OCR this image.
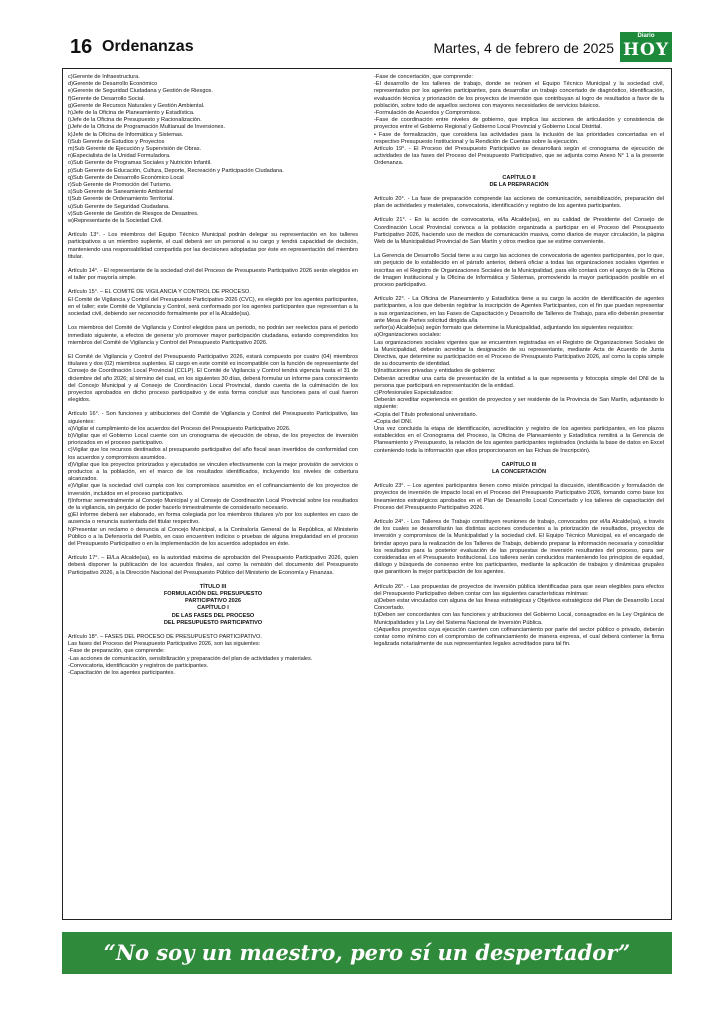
16 Ordenanzas	Martes, 4 de febrero de 2025
Diario
HOY

c)Gerente de Infraestructura.

d)Gerente de Desarrollo Económico

e)Gerente de Seguridad Ciudadana y Gestión de Riesgos.

f)Gerente de Desarrollo Social.

g)Gerente de Recursos Naturales y Gestión Ambiental.

h)Jefe de la Oficina de Planeamiento y Estadística.

i)Jefe de la Oficina de Presupuesto y Racionalización.

j)Jefe de la Oficina de Programación Multianual de Inversiones.

k)Jefe de la Oficina de Informática y Sistemas.

l)Sub Gerente de Estudios y Proyectos

m)Sub Gerente de Ejecución y Supervisión de Obras.

n)Especialista de la Unidad Formuladora.

o)Sub Gerente de Programas Sociales y Nutrición Infantil.

p)Sub Gerente de Educación, Cultura, Deporte, Recreación y Participación Ciudadana.

q)Sub Gerente de Desarrollo Económico Local

r)Sub Gerente de Promoción del Turismo.

s)Sub Gerente de Saneamiento Ambiental

t)Sub Gerente de Ordenamiento Territorial.

u)Sub Gerente de Seguridad Ciudadana.

v)Sub Gerente de Gestión de Riesgos de Desastres.

w)Representante de la Sociedad Civil.

Artículo 13°. - Los miembros del Equipo Técnico Municipal podrán delegar su representación en los talleres participativos a un miembro suplente, el cual deberá ser un personal a su cargo y tendrá capacidad de decisión, manteniendo una responsabilidad compartida por las decisiones adoptadas por éste en representación del miembro titular.

Artículo 14°. - El representante de la sociedad civil del Proceso de Presupuesto Participativo 2026 serán elegidos en el taller por mayoría simple.

Artículo 15°. – EL COMITÉ DE VIGILANCIA Y CONTROL DE PROCESO.

El Comité de Vigilancia y Control del Presupuesto Participativo 2026 (CVC), es elegido por los agentes participantes, en el taller; este Comité de Vigilancia y Control, será conformado por los agentes participantes que representan a la sociedad civil, debiendo ser reconocido formalmente por el la Alcalde(sa).

Los miembros del Comité de Vigilancia y Control elegidos para un periodo, no podrán ser reelectos para el periodo inmediato siguiente, a efectos de generar y/o promover mayor participación ciudadana, estando comprendidos los miembros del Comité de Vigilancia y Control del Presupuesto Participativo 2026.

El Comité de Vigilancia y Control del Presupuesto Participativo 2026, estará compuesto por cuatro (04) miembros titulares y dos (02) miembros suplentes. El cargo en este comité es incompatible con la función de representante del Consejo de Coordinación Local Provincial (CCLP). El Comité de Vigilancia y Control tendrá vigencia hasta el 31 de diciembre del año 2026; al término del cual, en los siguientes 30 días, deberá formular un informe para conocimiento del Concejo Municipal y al Consejo de Coordinación Local Provincial, dando cuenta de la culminación de los proyectos aprobados en dicho proceso participativo y de esta forma concluir sus funciones para el cual fueron elegidos.

Artículo 16°. - Son funciones y atribuciones del Comité de Vigilancia y Control del Presupuesto Participativo, las siguientes:

a)Vigilar el cumplimiento de los acuerdos del Proceso del Presupuesto Participativo 2026.

b)Vigilar que el Gobierno Local cuente con un cronograma de ejecución de obras, de los proyectos de inversión priorizados en el proceso participativo.

c)Vigilar que los recursos destinados al presupuesto participativo del año fiscal sean invertidos de conformidad con los acuerdos y compromisos asumidos.

d)Vigilar que los proyectos priorizados y ejecutados se vinculen efectivamente con la mejor provisión de servicios o productos a la población, en el marco de los resultados identificados, incluyendo los niveles de cobertura alcanzados.

e)Vigilar que la sociedad civil cumpla con los compromisos asumidos en el cofinanciamiento de los proyectos de inversión, incluidos en el proceso participativo.

f)Informar semestralmente al Concejo Municipal y al Consejo de Coordinación Local Provincial sobre los resultados de la vigilancia, sin perjuicio de poder hacerlo trimestralmente de considerarlo necesario.

g)El informe deberá ser elaborado, en forma colegiada por los miembros titulares y/o por los suplentes en caso de ausencia o renuncia sustentada del titular respectivo.

h)Presentar un reclamo o denuncia al Concejo Municipal, a la Contraloría General de la República, al Ministerio Público o a la Defensoría del Pueblo, en caso encuentren indicios o pruebas de alguna irregularidad en el proceso del Presupuesto Participativo o en la implementación de los acuerdos adoptados en éste.

Artículo 17°. – El/La Alcalde(sa), es la autoridad máxima de aprobación del Presupuesto Participativo 2026, quien deberá disponer la publicación de los acuerdos finales, así como la remisión del documento del Presupuesto Participativo 2026, a la Dirección Nacional del Presupuesto Público del Ministerio de Economía y Finanzas.

TÍTULO III

FORMULACIÓN DEL PRESUPUESTO

PARTICIPATIVO 2026

CAPÍTULO I

DE LAS FASES DEL PROCESO

DEL PRESUPUESTO PARTICIPATIVO

Artículo 18°. – FASES DEL PROCESO DE PRESUPUESTO PARTICIPATIVO.

Las fases del Proceso del Presupuesto Participativo 2026, son las siguientes:

-Fase de preparación, que comprende:

-Las acciones de comunicación, sensibilización y preparación del plan de actividades y materiales.

-Convocatoria, identificación y registros de participantes.

-Capacitación de los agentes participantes.

-Fase de concertación, que comprende:

-El desarrollo de los talleres de trabajo, donde se reúnen el Equipo Técnico Municipal y la sociedad civil, representados por los agentes participantes, para desarrollar un trabajo concertado de diagnóstico, identificación, evaluación técnica y priorización de los proyectos de inversión que contribuyan al logro de resultados a favor de la población, sobre todo de aquellos sectores con mayores necesidades de servicios básicos.

-Formulación de Acuerdos y Compromisos.

-Fase de coordinación entre niveles de gobierno, que implica las acciones de articulación y consistencia de proyectos entre el Gobierno Regional y Gobierno Local Provincial y Gobierno Local Distrital.

• Fase de formalización, que considera las actividades para la inclusión de las prioridades concertadas en el respectivo Presupuesto Institucional y la Rendición de Cuentas sobre la ejecución.

Artículo 19°. - El Proceso del Presupuesto Participativo se desarrollará según el cronograma de ejecución de actividades de las fases del Proceso del Presupuesto Participativo, que se adjunta como Anexo N° 1 a la presente Ordenanza.

CAPÍTULO II

DE LA PREPARACIÓN

Artículo 20°. - La fase de preparación comprende las acciones de comunicación, sensibilización, preparación del plan de actividades y materiales, convocatoria, identificación y registro de los agentes participantes.

Artículo 21°. - En la acción de convocatoria, el/la Alcalde(sa), en su calidad de Presidente del Consejo de Coordinación Local Provincial convoca a la población organizada a participar en el Proceso del Presupuesto Participativo 2026, haciendo uso de medios de comunicación masiva, como diarios de mayor circulación, la página Web de la Municipalidad Provincial de San Martín y otros medios que se estime conveniente.

La Gerencia de Desarrollo Social tiene a su cargo las acciones de convocatoria de agentes participantes, por lo que, sin perjuicio de lo establecido en el párrafo anterior, deberá oficiar a todas las organizaciones sociales vigentes e inscritas en el Registro de Organizaciones Sociales de la Municipalidad, para ello contará con el apoyo de la Oficina de Imagen Institucional y la Oficina de Informática y Sistemas, promoviendo la mayor participación posible en el proceso participativo.

Artículo 22°. - La Oficina de Planeamiento y Estadística tiene a su cargo la acción de identificación de agentes participantes, a los que deberán registrar la inscripción de Agentes Participantes, con el fin que puedan representar a sus organizaciones, en las Fases de Capacitación y Desarrollo de Talleres de Trabajo, para ello deberán presentar ante Mesa de Partes solicitud dirigida a/la

señor(a) Alcalde(sa) según formato que determine la Municipalidad, adjuntando los siguientes requisitos:

a)Organizaciones sociales:

Las organizaciones sociales vigentes que se encuentren registradas en el Registro de Organizaciones Sociales de la Municipalidad, deberán acreditar la designación de su representante, mediante Acta de Acuerdo de Junta Directiva, que determine su participación en el Proceso de Presupuesto Participativo 2026, así como la copia simple de su documento de identidad.

b)Instituciones privadas y entidades de gobierno:

Deberán acreditar una carta de presentación de la entidad a la que representa y fotocopia simple del DNI de la persona que participará en representación de la entidad.

c)Profesionales Especializados:

Deberán acreditar experiencia en gestión de proyectos y ser residente de la Provincia de San Martín, adjuntando lo siguiente:

•Copia del Título profesional universitario.

•Copia del DNI.

Una vez concluida la etapa de identificación, acreditación y registro de los agentes participantes, en los plazos establecidos en el Cronograma del Proceso, la Oficina de Planeamiento y Estadística remitirá a la Gerencia de Planeamiento y Presupuesto, la relación de los agentes participantes registrados (incluida la base de datos en Excel conteniendo toda la información que ellos proporcionaron en las Fichas de Inscripción).

CAPÍTULO III

LA CONCERTACIÓN

Artículo 23°. – Los agentes participantes tienen como misión principal la discusión, identificación y formulación de proyectos de inversión de impacto local en el Proceso del Presupuesto Participativo 2026, tomando como base los lineamientos estratégicos aprobados en el Plan de Desarrollo Local Concertado y los talleres de capacitación del Proceso del Presupuesto Participativo 2026.

Artículo 24°. - Los Talleres de Trabajo constituyen reuniones de trabajo, convocados por el/la Alcalde(sa), a través de los cuales se desarrollarán las distintas acciones conducentes a la priorización de resultados, proyectos de inversión y compromisos de la Municipalidad y la sociedad civil. El Equipo Técnico Municipal, es el encargado de brindar apoyo para la realización de los Talleres de Trabajo, debiendo preparar la información necesaria y consolidar los resultados para la posterior evaluación de las propuestas de inversión resultantes del proceso, para ser consideradas en el Presupuesto Institucional. Los talleres serán conducidos manteniendo los principios de equidad, diálogo y búsqueda de consenso entre los participantes, mediante la aplicación de trabajos y dinámicas grupales que garanticen la mejor participación de los agentes.

Artículo 26°. - Las propuestas de proyectos de inversión pública identificadas para que sean elegibles para efectos del Presupuesto Participativo deben contar con las siguientes características mínimas:

a)Deben estar vinculados con alguna de las líneas estratégicas y Objetivos estratégicos del Plan de Desarrollo Local Concertado.

b)Deben ser concordantes con las funciones y atribuciones del Gobierno Local, consagrados en la Ley Orgánica de Municipalidades y la Ley del Sistema Nacional de Inversión Pública.

c)Aquellos proyectos cuya ejecución cuenten con cofinanciamiento por parte del sector público o privado, deberán contar como mínimo con el compromiso de cofinanciamiento de manera expresa, el cual deberá contener la firma legalizada notarialmente de sus representantes legales acreditados para tal fin.

“No soy un maestro, pero sí un despertador”
